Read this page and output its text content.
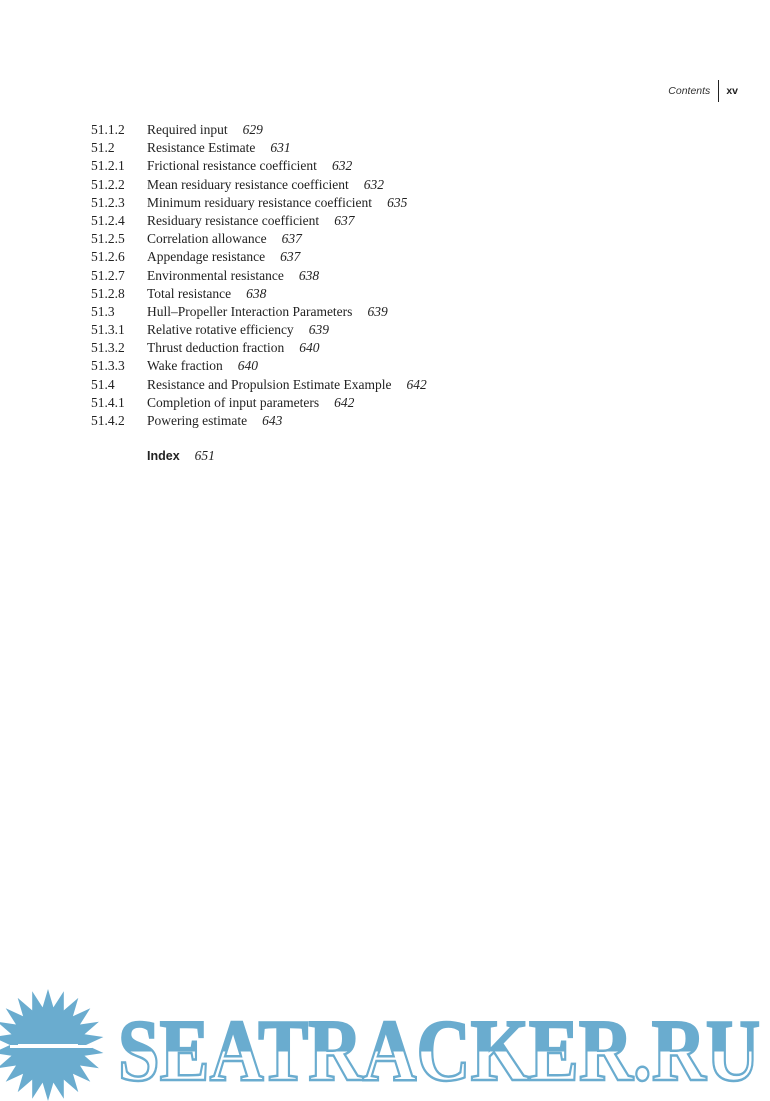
Contents	xv
51.1.2	Required input	629
51.2	Resistance Estimate	631
51.2.1	Frictional resistance coefficient	632
51.2.2	Mean residuary resistance coefficient	632
51.2.3	Minimum residuary resistance coefficient	635
51.2.4	Residuary resistance coefficient	637
51.2.5	Correlation allowance	637
51.2.6	Appendage resistance	637
51.2.7	Environmental resistance	638
51.2.8	Total resistance	638
51.3	Hull–Propeller Interaction Parameters	639
51.3.1	Relative rotative efficiency	639
51.3.2	Thrust deduction fraction	640
51.3.3	Wake fraction	640
51.4	Resistance and Propulsion Estimate Example	642
51.4.1	Completion of input parameters	642
51.4.2	Powering estimate	643
Index	651
SEATRACKER.RU
